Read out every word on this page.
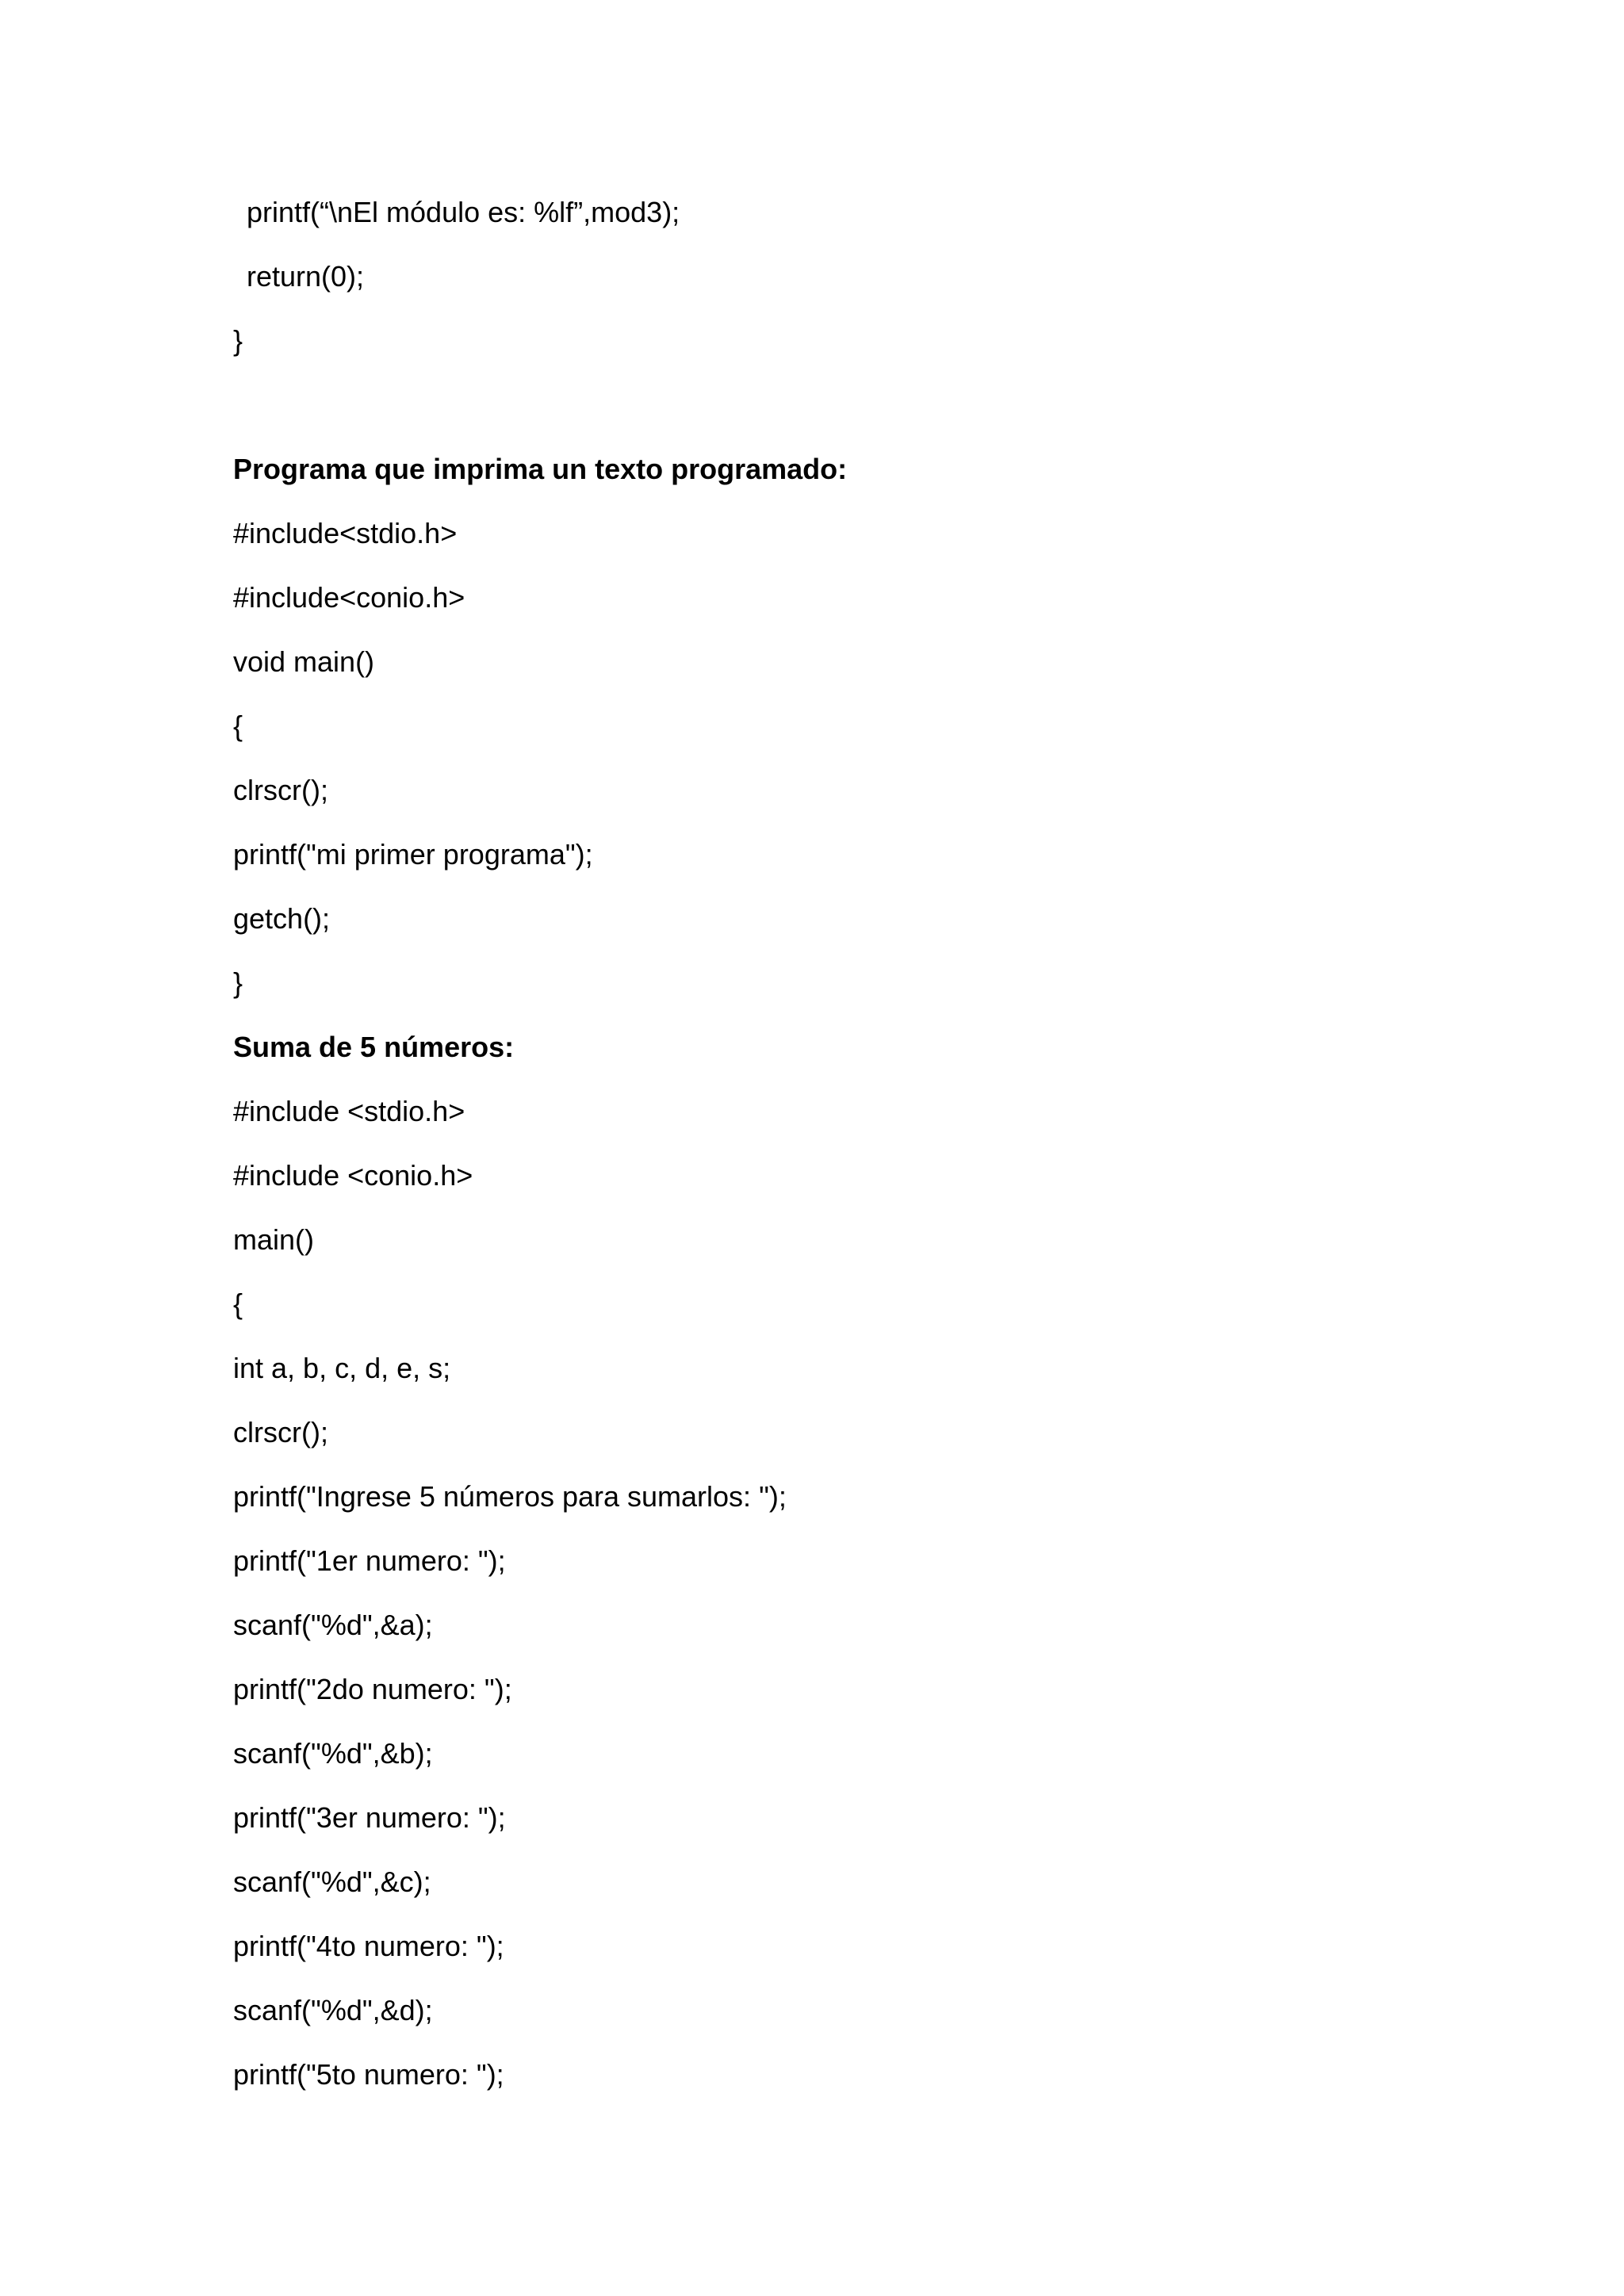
printf(“\nEl módulo es: %lf”,mod3);
return(0);
}
Programa que imprima un texto programado:
#include<stdio.h>
#include<conio.h>
void main()
{
clrscr();
printf("mi primer programa");
getch();
}
Suma de 5 números:
#include <stdio.h>
#include <conio.h>
main()
{
int a, b, c, d, e, s;
clrscr();
printf("Ingrese 5 números para sumarlos: ");
printf("1er numero: ");
scanf("%d",&a);
printf("2do numero: ");
scanf("%d",&b);
printf("3er numero: ");
scanf("%d",&c);
printf("4to numero: ");
scanf("%d",&d);
printf("5to numero: ");
